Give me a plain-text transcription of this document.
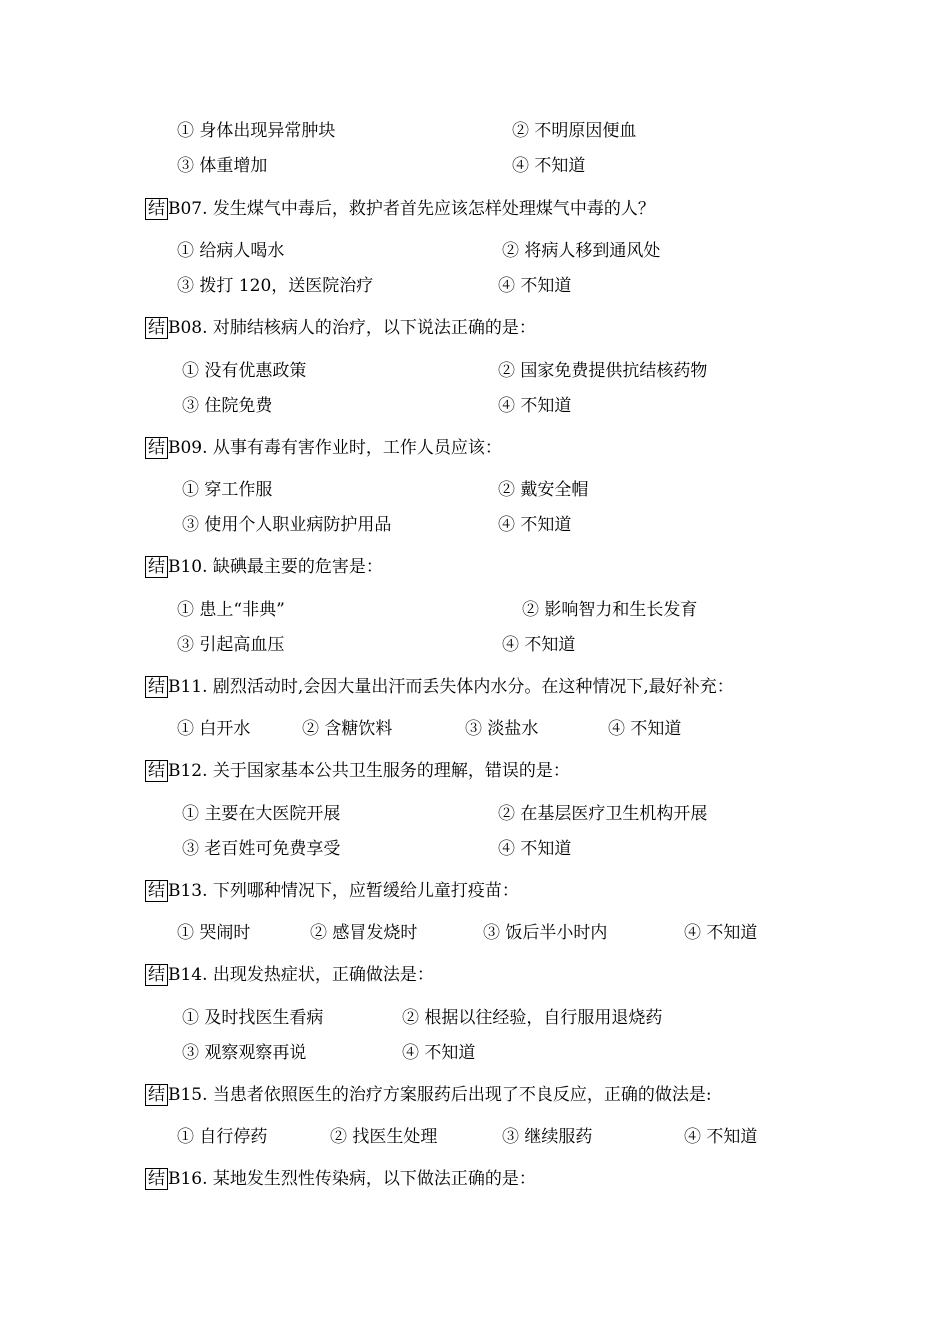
① 身体出现异常肿块	② 不明原因便血
③ 体重增加	④ 不知道
结 B07. 发生煤气中毒后，救护者首先应该怎样处理煤气中毒的人？
① 给病人喝水	② 将病人移到通风处
③ 拨打 120，送医院治疗	④ 不知道
结 B08. 对肺结核病人的治疗，以下说法正确的是：
① 没有优惠政策	② 国家免费提供抗结核药物
③ 住院免费	④ 不知道
结 B09. 从事有毒有害作业时，工作人员应该：
① 穿工作服	② 戴安全帽
③ 使用个人职业病防护用品	④ 不知道
结 B10. 缺碘最主要的危害是：
① 患上“非典”	② 影响智力和生长发育
③ 引起高血压	④ 不知道
结 B11. 剧烈活动时,会因大量出汗而丢失体内水分。在这种情况下,最好补充：
① 白开水	② 含糖饮料	③ 淡盐水	④ 不知道
结 B12. 关于国家基本公共卫生服务的理解，错误的是：
① 主要在大医院开展	② 在基层医疗卫生机构开展
③ 老百姓可免费享受	④ 不知道
结 B13. 下列哪种情况下，应暂缓给儿童打疫苗：
① 哭闹时	② 感冒发烧时	③ 饭后半小时内	④ 不知道
结 B14. 出现发热症状，正确做法是：
① 及时找医生看病	② 根据以往经验，自行服用退烧药
③ 观察观察再说	④ 不知道
结 B15. 当患者依照医生的治疗方案服药后出现了不良反应，正确的做法是:
① 自行停药	② 找医生处理	③ 继续服药	④ 不知道
结 B16. 某地发生烈性传染病，以下做法正确的是：
